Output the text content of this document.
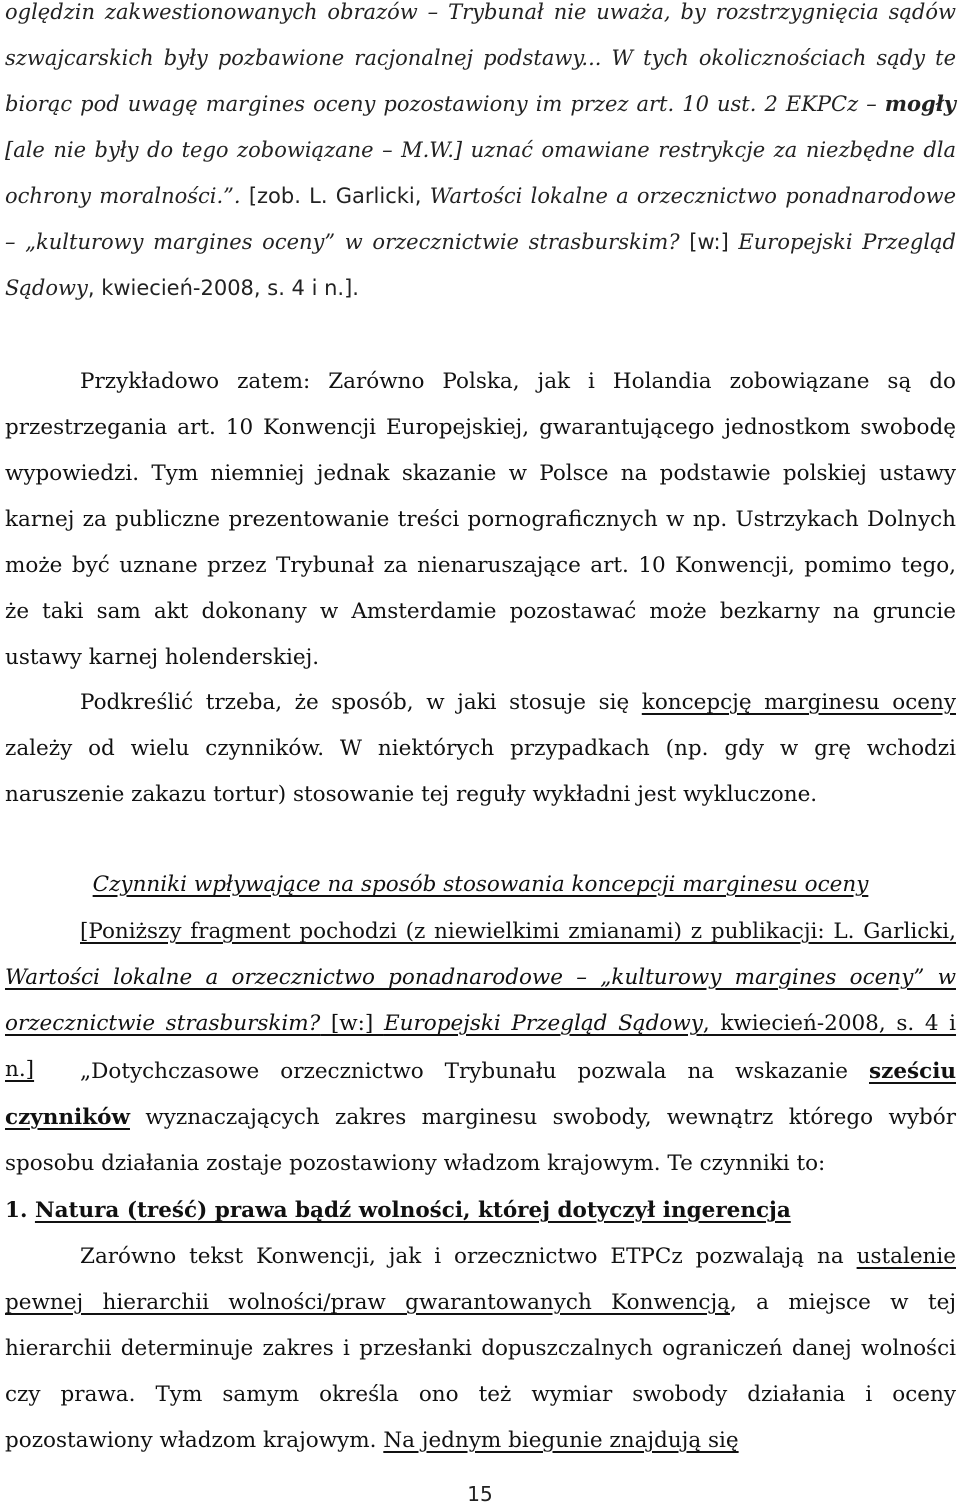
oględzin zakwestionowanych obrazów – Trybunał nie uważa, by rozstrzygnięcia sądów szwajcarskich były pozbawione racjonalnej podstawy... W tych okolicznościach sądy te biorąc pod uwagę margines oceny pozostawiony im przez art. 10 ust. 2 EKPCz – mogły [ale nie były do tego zobowiązane – M.W.] uznać omawiane restrykcje za niezbędne dla ochrony moralności.”. [zob. L. Garlicki, Wartości lokalne a orzecznictwo ponadnarodowe – „kulturowy margines oceny” w orzecznictwie strasburskim? [w:] Europejski Przegląd Sądowy, kwiecień-2008, s. 4 i n.].

Przykładowo zatem: Zarówno Polska, jak i Holandia zobowiązane są do przestrzegania art. 10 Konwencji Europejskiej, gwarantującego jednostkom swobodę wypowiedzi. Tym niemniej jednak skazanie w Polsce na podstawie polskiej ustawy karnej za publiczne prezentowanie treści pornograficznych w np. Ustrzykach Dolnych może być uznane przez Trybunał za nienaruszające art. 10 Konwencji, pomimo tego, że taki sam akt dokonany w Amsterdamie pozostawać może bezkarny na gruncie ustawy karnej holenderskiej.

Podkreślić trzeba, że sposób, w jaki stosuje się koncepcję marginesu oceny zależy od wielu czynników. W niektórych przypadkach (np. gdy w grę wchodzi naruszenie zakazu tortur) stosowanie tej reguły wykładni jest wykluczone.

Czynniki wpływające na sposób stosowania koncepcji marginesu oceny

[Poniższy fragment pochodzi (z niewielkimi zmianami) z publikacji: L. Garlicki, Wartości lokalne a orzecznictwo ponadnarodowe – „kulturowy margines oceny” w orzecznictwie strasburskim? [w:] Europejski Przegląd Sądowy, kwiecień-2008, s. 4 i n.]	„Dotychczasowe orzecznictwo Trybunału pozwala na wskazanie sześciu czynników wyznaczających zakres marginesu swobody, wewnątrz którego wybór sposobu działania zostaje pozostawiony władzom krajowym. Te czynniki to:

1. Natura (treść) prawa bądź wolności, której dotyczył ingerencja

Zarówno tekst Konwencji, jak i orzecznictwo ETPCz pozwalają na ustalenie pewnej hierarchii wolności/praw gwarantowanych Konwencją, a miejsce w tej hierarchii determinuje zakres i przesłanki dopuszczalnych ograniczeń danej wolności czy prawa. Tym samym określa ono też wymiar swobody działania i oceny pozostawiony władzom krajowym. Na jednym biegunie znajdują się

15
